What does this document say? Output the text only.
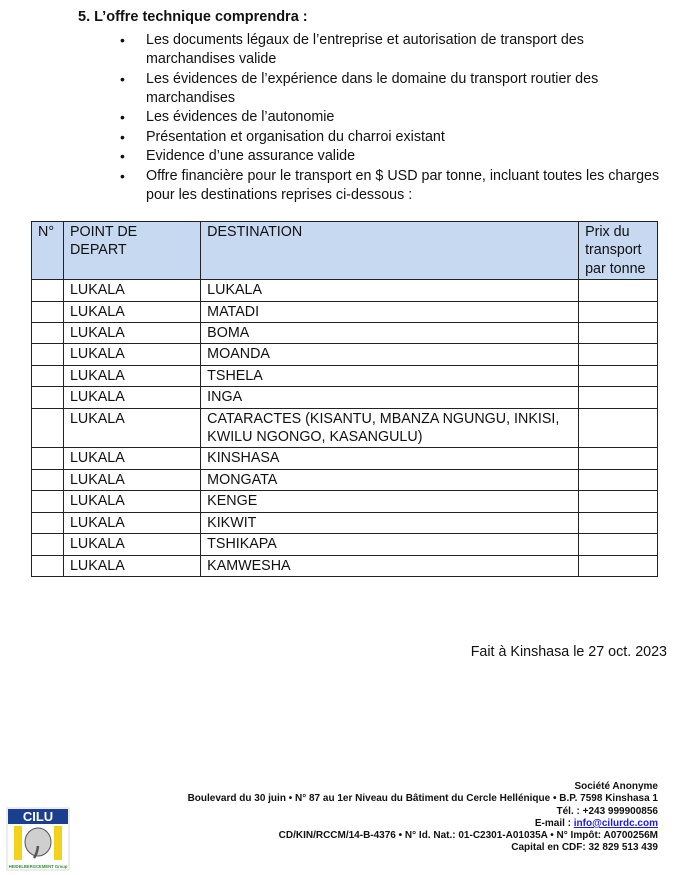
5. L’offre technique comprendra :
• Les documents légaux de l’entreprise et autorisation de transport des marchandises valide
• Les évidences de l’expérience dans le domaine du transport routier des marchandises
• Les évidences de l’autonomie
• Présentation et organisation du charroi existant
• Evidence d’une assurance valide
• Offre financière pour le transport en $ USD par tonne, incluant toutes les charges pour les destinations reprises ci-dessous :
N°	POINT DE DEPART	DESTINATION	Prix du transport par tonne
	LUKALA	LUKALA	
	LUKALA	MATADI	
	LUKALA	BOMA	
	LUKALA	MOANDA	
	LUKALA	TSHELA	
	LUKALA	INGA	
	LUKALA	CATARACTES (KISANTU, MBANZA NGUNGU, INKISI, KWILU NGONGO, KASANGULU)	
	LUKALA	KINSHASA	
	LUKALA	MONGATA	
	LUKALA	KENGE	
	LUKALA	KIKWIT	
	LUKALA	TSHIKAPA	
	LUKALA	KAMWESHA	
Fait à Kinshasa le 27 oct. 2023
Société Anonyme
Boulevard du 30 juin • N° 87 au 1er Niveau du Bâtiment du Cercle Hellénique • B.P. 7598 Kinshasa 1
Tél. : +243 999900856
E-mail : info@cilurdc.com
CD/KIN/RCCM/14-B-4376 • N° Id. Nat.: 01-C2301-A01035A • N° Impôt: A0700256M
Capital en CDF: 32 829 513 439
CILU
HEIDELBERGCEMENT Group
